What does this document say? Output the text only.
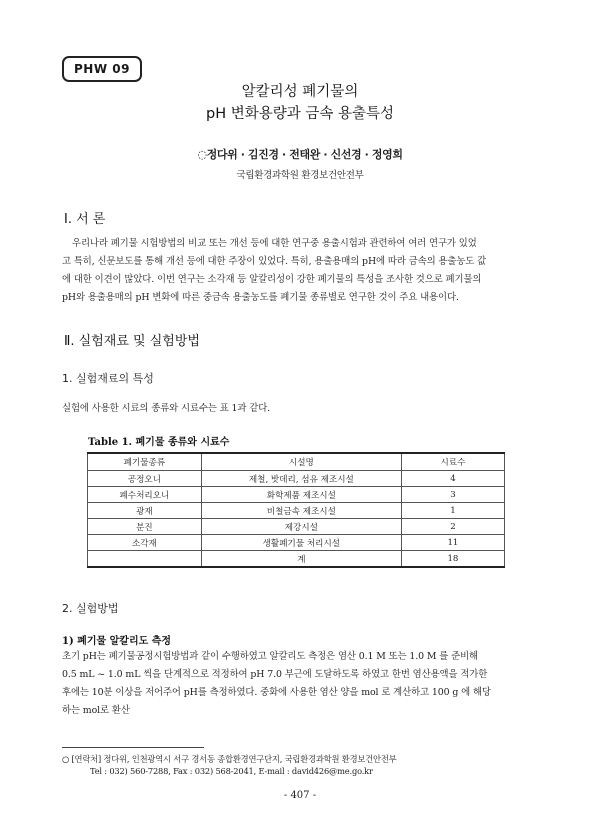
PHW 09
알칼리성 폐기물의
pH 변화용량과 금속 용출특성
◌정다위 · 김진경 · 전태완 · 신선경 · 정영희
국립환경과학원 환경보건안전부
Ⅰ. 서 론
우리나라 폐기물 시험방법의 비교 또는 개선 등에 대한 연구중 용출시험과 관련하여 여러 연구가 있었
고 특히, 신문보도를 통해 개선 등에 대한 주장이 있었다. 특히, 용출용매의 pH에 따라 금속의 용출농도 값
에 대한 이견이 많았다. 이번 연구는 소각재 등 알칼리성이 강한 폐기물의 특성을 조사한 것으로 폐기물의
pH와 용출용매의 pH 변화에 따른 중금속 용출농도를 폐기물 종류별로 연구한 것이 주요 내용이다.
Ⅱ. 실험재료 및 실험방법
1. 실험재료의 특성
실험에 사용한 시료의 종류와 시료수는 표 1과 같다.
Table 1. 폐기물 종류와 시료수
폐기물종류	시설명	시료수
공정오니	제철, 밧데리, 섬유 제조시설	4
폐수처리오니	화학제품 제조시설	3
광재	비철금속 제조시설	1
분진	제강시설	2
소각재	생활폐기물 처리시설	11
	계	18
2. 실험방법
1) 폐기물 알칼리도 측정
초기 pH는 폐기물공정시험방법과 같이 수행하였고 알칼리도 측정은 염산 0.1 M 또는 1.0 M 를 준비해
0.5 mL ~ 1.0 mL 씩을 단계적으로 적정하여 pH 7.0 부근에 도달하도록 하였고 한번 염산용액을 적가한
후에는 10분 이상을 저어주어 pH를 측정하였다. 중화에 사용한 염산 양을 mol 로 계산하고 100 g 에 해당
하는 mol로 환산
○ [연락처] 정다위, 인천광역시 서구 경서동 종합환경연구단지, 국립환경과학원 환경보건안전부
Tel : 032) 560-7288, Fax : 032) 568-2041, E-mail : david426@me.go.kr
- 407 -
